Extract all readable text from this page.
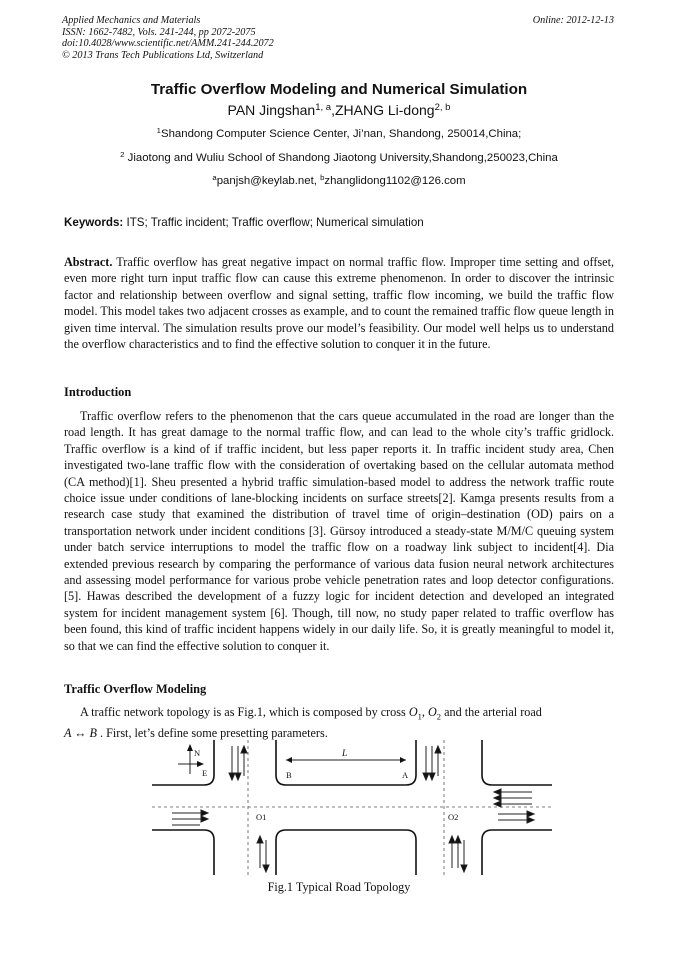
Applied Mechanics and Materials
ISSN: 1662-7482, Vols. 241-244, pp 2072-2075
doi:10.4028/www.scientific.net/AMM.241-244.2072
© 2013 Trans Tech Publications Ltd, Switzerland
Online: 2012-12-13
Traffic Overflow Modeling and Numerical Simulation
PAN Jingshan$^{1, a}$,ZHANG Li-dong$^{2, b}$
$^1$Shandong Computer Science Center, Ji’nan, Shandong, 250014,China;
$^2$ Jiaotong and Wuliu School of Shandong Jiaotong University,Shandong,250023,China
$^a$panjsh@keylab.net, $^b$zhanglidong1102@126.com
Keywords: ITS; Traffic incident; Traffic overflow; Numerical simulation

Abstract. Traffic overflow has great negative impact on normal traffic flow. Improper time setting and offset, even more right turn input traffic flow can cause this extreme phenomenon. In order to discover the intrinsic factor and relationship between overflow and signal setting, traffic flow incoming, we build the traffic flow model. This model takes two adjacent crosses as example, and to count the remained traffic flow queue length in given time interval. The simulation results prove our model’s feasibility. Our model well helps us to understand the overflow characteristics and to find the effective solution to conquer it in the future.

Introduction

Traffic overflow refers to the phenomenon that the cars queue accumulated in the road are longer than the road length. It has great damage to the normal traffic flow, and can lead to the whole city’s traffic gridlock. Traffic overflow is a kind of if traffic incident, but less paper reports it. In traffic incident study area, Chen investigated two-lane traffic flow with the consideration of overtaking based on the cellular automata method (CA method)[1]. Sheu presented a hybrid traffic simulation-based model to address the network traffic route choice issue under conditions of lane-blocking incidents on surface streets[2]. Kamga presents results from a research case study that examined the distribution of travel time of origin–destination (OD) pairs on a transportation network under incident conditions [3]. Gürsoy introduced a steady-state M/M/C queuing system under batch service interruptions to model the traffic flow on a roadway link subject to incident[4]. Dia extended previous research by comparing the performance of various data fusion neural network architectures and assessing model performance for various probe vehicle penetration rates and loop detector configurations. [5]. Hawas described the development of a fuzzy logic for incident detection and developed an integrated system for incident management system [6]. Though, till now, no study paper related to traffic overflow has been found, this kind of traffic incident happens widely in our daily life. So, it is greatly meaningful to model it, so that we can find the effective solution to conquer it.

Traffic Overflow Modeling

A traffic network topology is as Fig.1, which is composed by cross $O_1$, $O_2$ and the arterial road
A ↔ B . First, let’s define some presetting parameters.

N
E
L
B	A
O1	O2
Fig.1 Typical Road Topology
